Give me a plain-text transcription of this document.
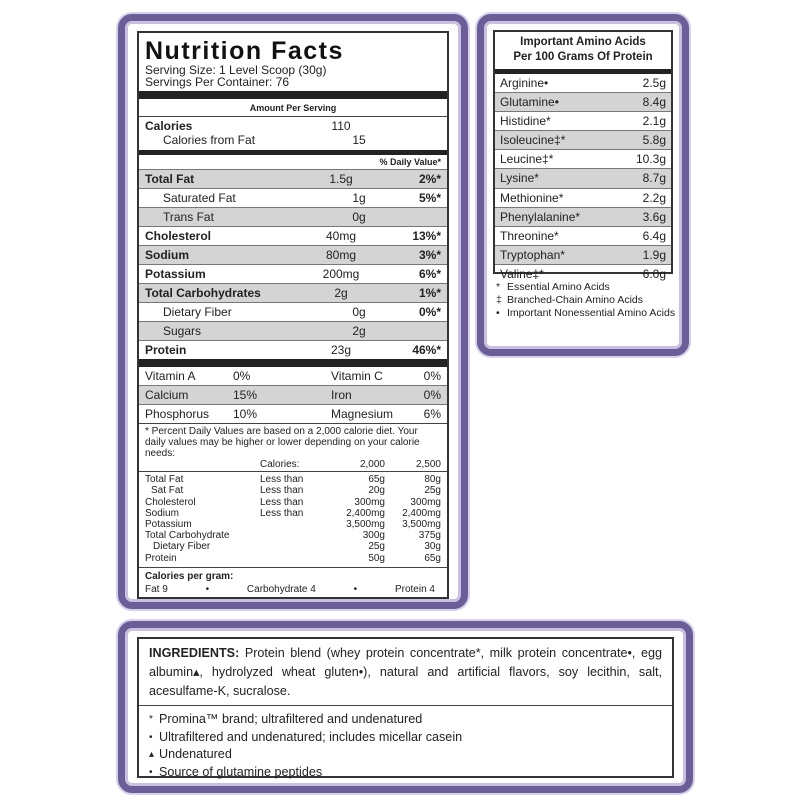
Nutrition Facts
Serving Size: 1 Level Scoop (30g)
Servings Per Container: 76
Amount Per Serving
Calories	110
Calories from Fat	15
% Daily Value*
Total Fat	1.5g	2%*
Saturated Fat	1g	5%*
Trans Fat	0g
Cholesterol	40mg	13%*
Sodium	80mg	3%*
Potassium	200mg	6%*
Total Carbohydrates	2g	1%*
Dietary Fiber	0g	0%*
Sugars	2g
Protein	23g	46%*
Vitamin A	0%	Vitamin C	0%
Calcium	15%	Iron	0%
Phosphorus	10%	Magnesium	6%
* Percent Daily Values are based on a 2,000 calorie diet. Your daily values may be higher or lower depending on your calorie needs:
Calories:	2,000	2,500
Total Fat	Less than	65g	80g
Sat Fat	Less than	20g	25g
Cholesterol	Less than	300mg	300mg
Sodium	Less than	2,400mg	2,400mg
Potassium	3,500mg	3,500mg
Total Carbohydrate	300g	375g
Dietary Fiber	25g	30g
Protein	50g	65g
Calories per gram:
Fat 9	•	Carbohydrate 4	•	Protein 4
Important Amino Acids
Per 100 Grams Of Protein
Arginine•	2.5g
Glutamine•	8.4g
Histidine*	2.1g
Isoleucine‡*	5.8g
Leucine‡*	10.3g
Lysine*	8.7g
Methionine*	2.2g
Phenylalanine*	3.6g
Threonine*	6.4g
Tryptophan*	1.9g
Valine‡*	6.0g
* Essential Amino Acids
‡ Branched-Chain Amino Acids
• Important Nonessential Amino Acids
INGREDIENTS: Protein blend (whey protein concentrate*, milk protein concentrate•, egg albumin▴, hydrolyzed wheat gluten•), natural and artificial flavors, soy lecithin, salt, acesulfame-K, sucralose.
* Promina™ brand; ultrafiltered and undenatured
• Ultrafiltered and undenatured; includes micellar casein
▴ Undenatured
• Source of glutamine peptides
